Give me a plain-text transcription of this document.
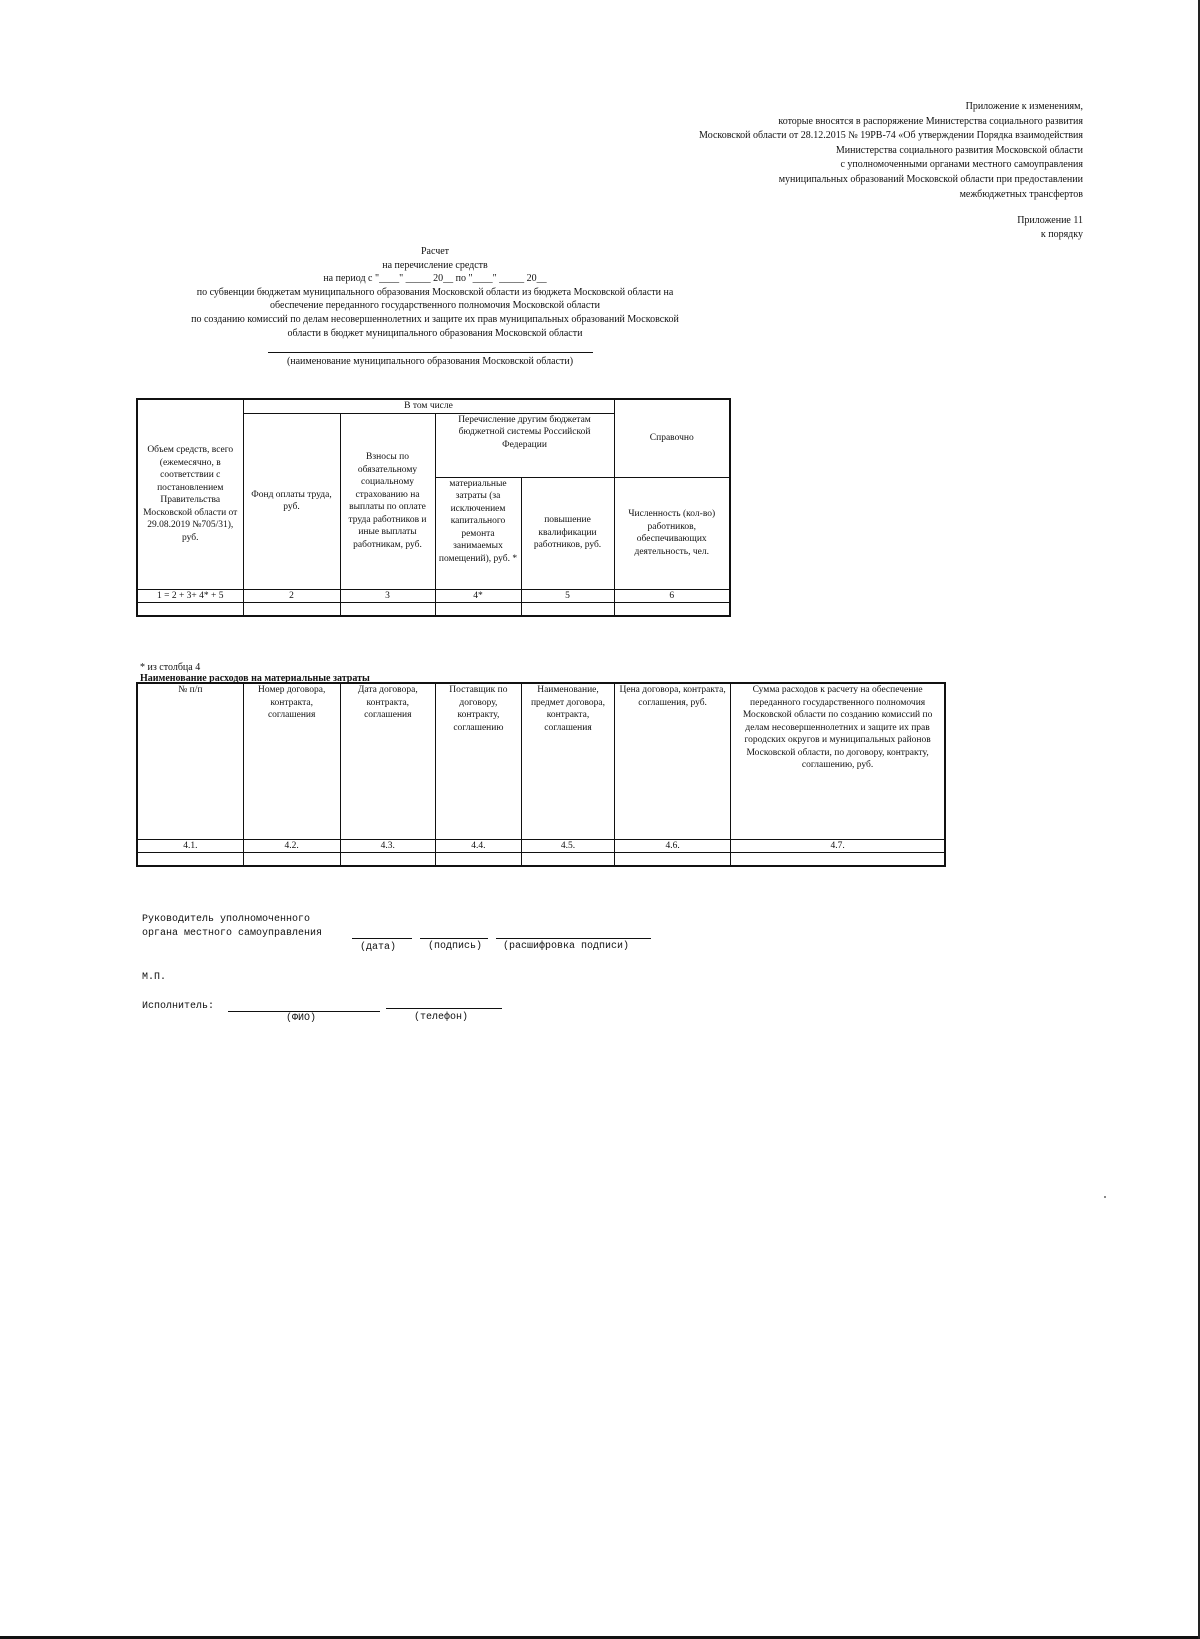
Приложение к изменениям,
которые вносятся в распоряжение Министерства социального развития
Московской области от 28.12.2015 № 19РВ-74 «Об утверждении Порядка взаимодействия
Министерства социального развития Московской области
с уполномоченными органами местного самоуправления
муниципальных образований Московской области при предоставлении
межбюджетных трансфертов
Приложение 11
к порядку
Расчет
на перечисление средств
на период с "____" _____ 20__ по "____" _____ 20__
по субвенции бюджетам муниципального образования Московской области из бюджета Московской области на
обеспечение переданного государственного полномочия Московской области
по созданию комиссий по делам несовершеннолетних и защите их прав муниципальных образований Московской
области в бюджет муниципального образования Московской области
(наименование муниципального образования Московской области)
Объем средств, всего (ежемесячно, в соответствии с постановлением Правительства Московской области от 29.08.2019 №705/31), руб.	В том числе				Справочно
	Фонд оплаты труда, руб.	Взносы по обязательному социальному страхованию на выплаты по оплате труда работников и иные выплаты работникам, руб.	Перечисление другим бюджетам бюджетной системы Российской Федерации		
			материальные затраты (за исключением капитального ремонта занимаемых помещений), руб. *	повышение квалификации работников, руб.	Численность (кол-во) работников, обеспечивающих деятельность, чел.
1 = 2 + 3+ 4* + 5	2	3	4*	5	6

* из столбца 4
Наименование расходов на материальные затраты
№ п/п	Номер договора, контракта, соглашения	Дата договора, контракта, соглашения	Поставщик по договору, контракту, соглашению	Наименование, предмет договора, контракта, соглашения	Цена договора, контракта, соглашения, руб.	Сумма расходов к расчету на обеспечение переданного государственного полномочия Московской области по созданию комиссий по делам несовершеннолетних и защите их прав городских округов и муниципальных районов Московской области, по договору, контракту, соглашению, руб.
4.1.	4.2.	4.3.	4.4.	4.5.	4.6.	4.7.

Руководитель уполномоченного
органа местного самоуправления
(дата)	(подпись) (расшифровка подписи)
М.П.
Исполнитель:
(ФИО)	(телефон)
